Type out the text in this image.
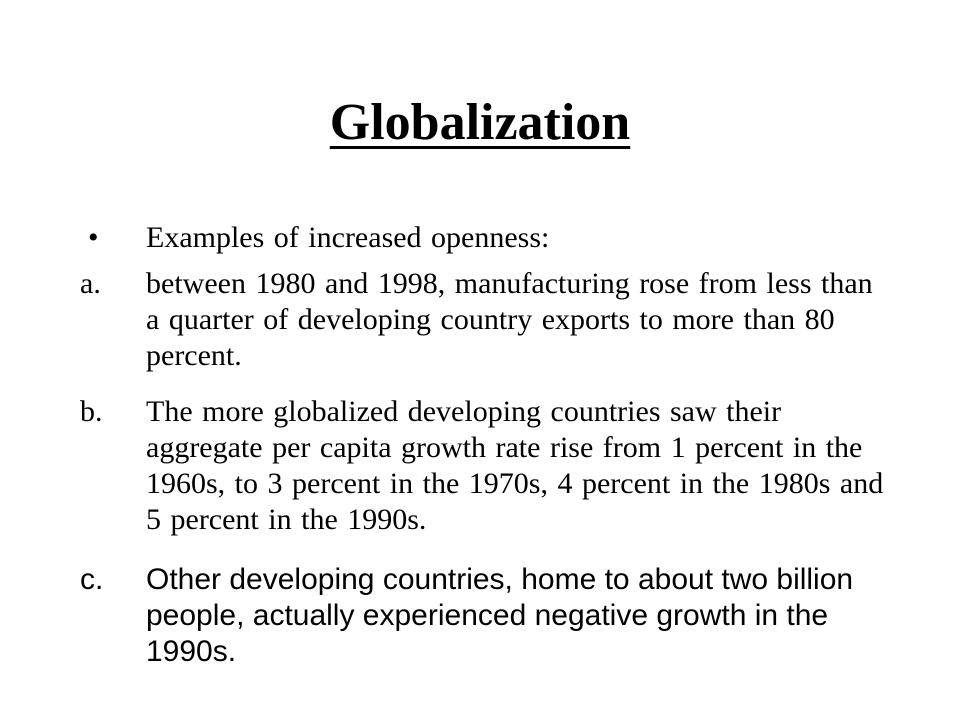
Globalization
•	Examples of increased openness:
a.	between 1980 and 1998, manufacturing rose from less than a quarter of developing country exports to more than 80 percent.
b.	The more globalized developing countries saw their aggregate per capita growth rate rise from 1 percent in the 1960s, to 3 percent in the 1970s, 4 percent in the 1980s and 5 percent in the 1990s.
c.	Other developing countries, home to about two billion people, actually experienced negative growth in the 1990s.
